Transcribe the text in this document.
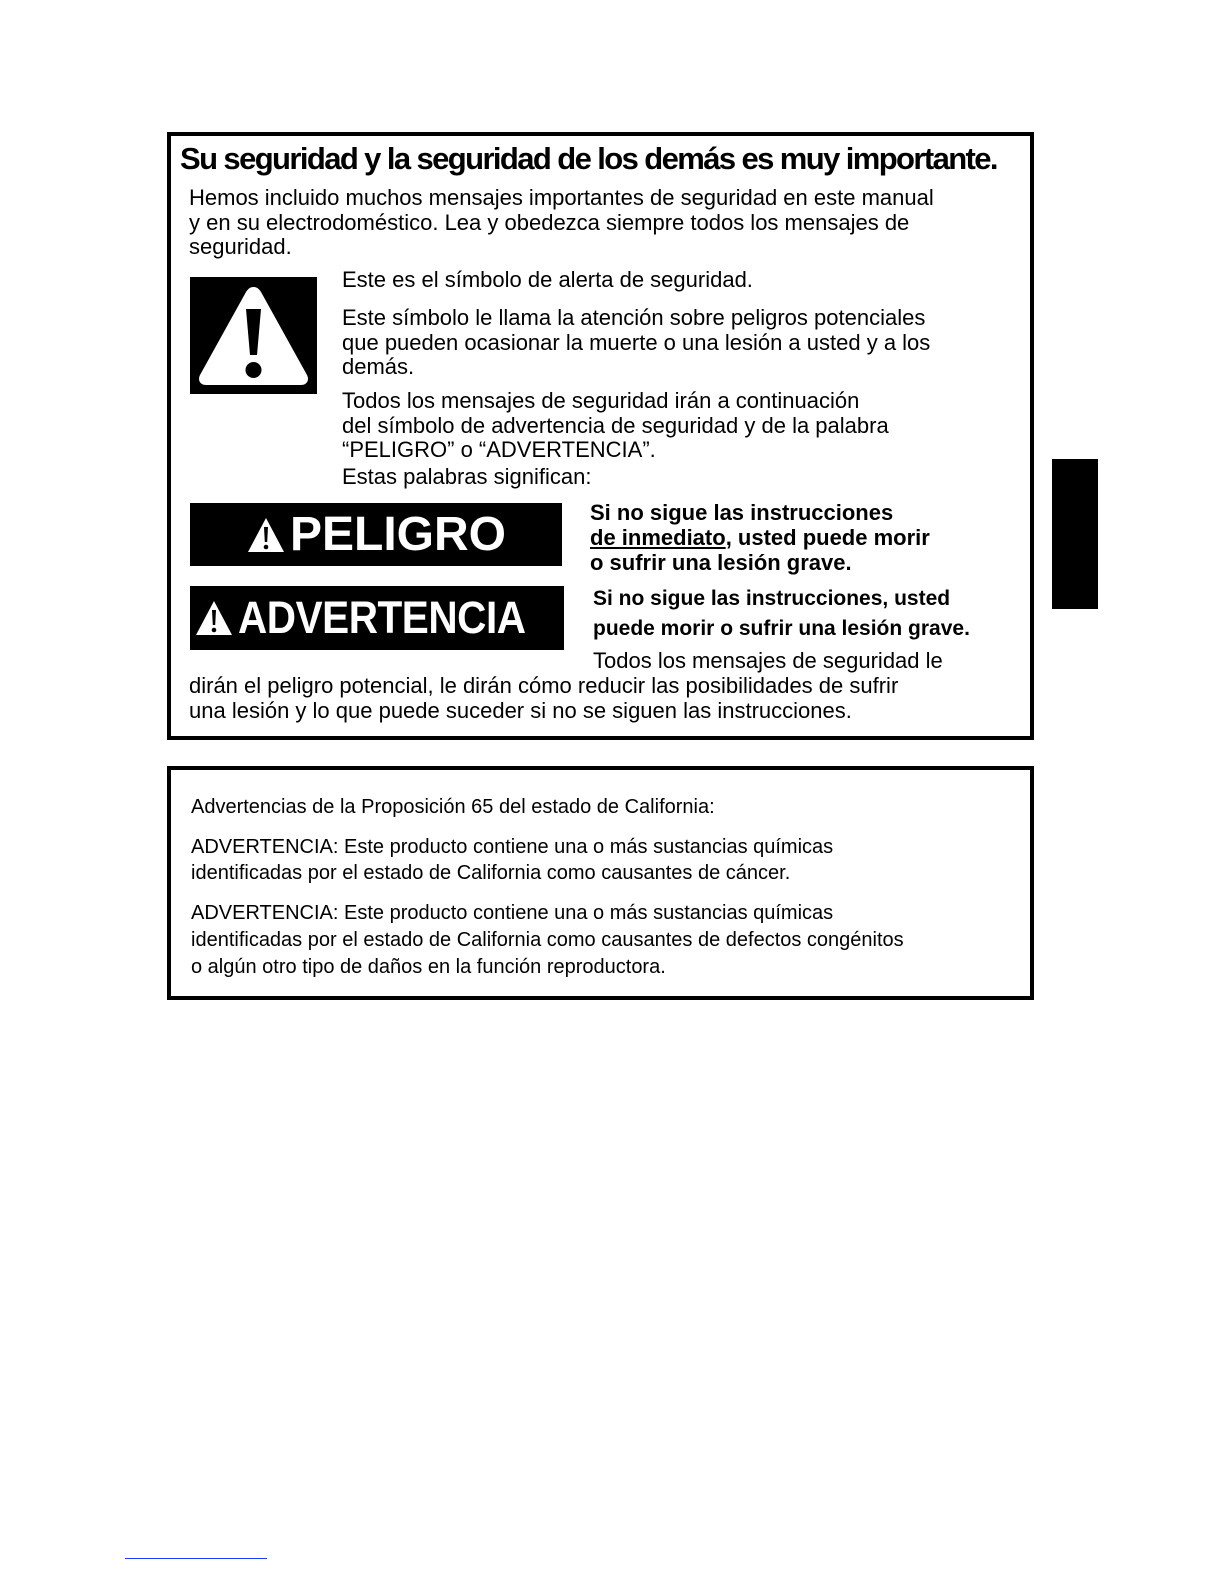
Su seguridad y la seguridad de los demás es muy importante.
Hemos incluido muchos mensajes importantes de seguridad en este manual
y en su electrodoméstico. Lea y obedezca siempre todos los mensajes de
seguridad.
Este es el símbolo de alerta de seguridad.
Este símbolo le llama la atención sobre peligros potenciales
que pueden ocasionar la muerte o una lesión a usted y a los
demás.
Todos los mensajes de seguridad irán a continuación
del símbolo de advertencia de seguridad y de la palabra
“PELIGRO” o “ADVERTENCIA”.
Estas palabras significan:
PELIGRO	Si no sigue las instrucciones
de inmediato, usted puede morir
o sufrir una lesión grave.
ADVERTENCIA	Si no sigue las instrucciones, usted
puede morir o sufrir una lesión grave.
Todos los mensajes de seguridad le
dirán el peligro potencial, le dirán cómo reducir las posibilidades de sufrir
una lesión y lo que puede suceder si no se siguen las instrucciones.
Advertencias de la Proposición 65 del estado de California:
ADVERTENCIA: Este producto contiene una o más sustancias químicas
identificadas por el estado de California como causantes de cáncer.
ADVERTENCIA: Este producto contiene una o más sustancias químicas
identificadas por el estado de California como causantes de defectos congénitos
o algún otro tipo de daños en la función reproductora.
